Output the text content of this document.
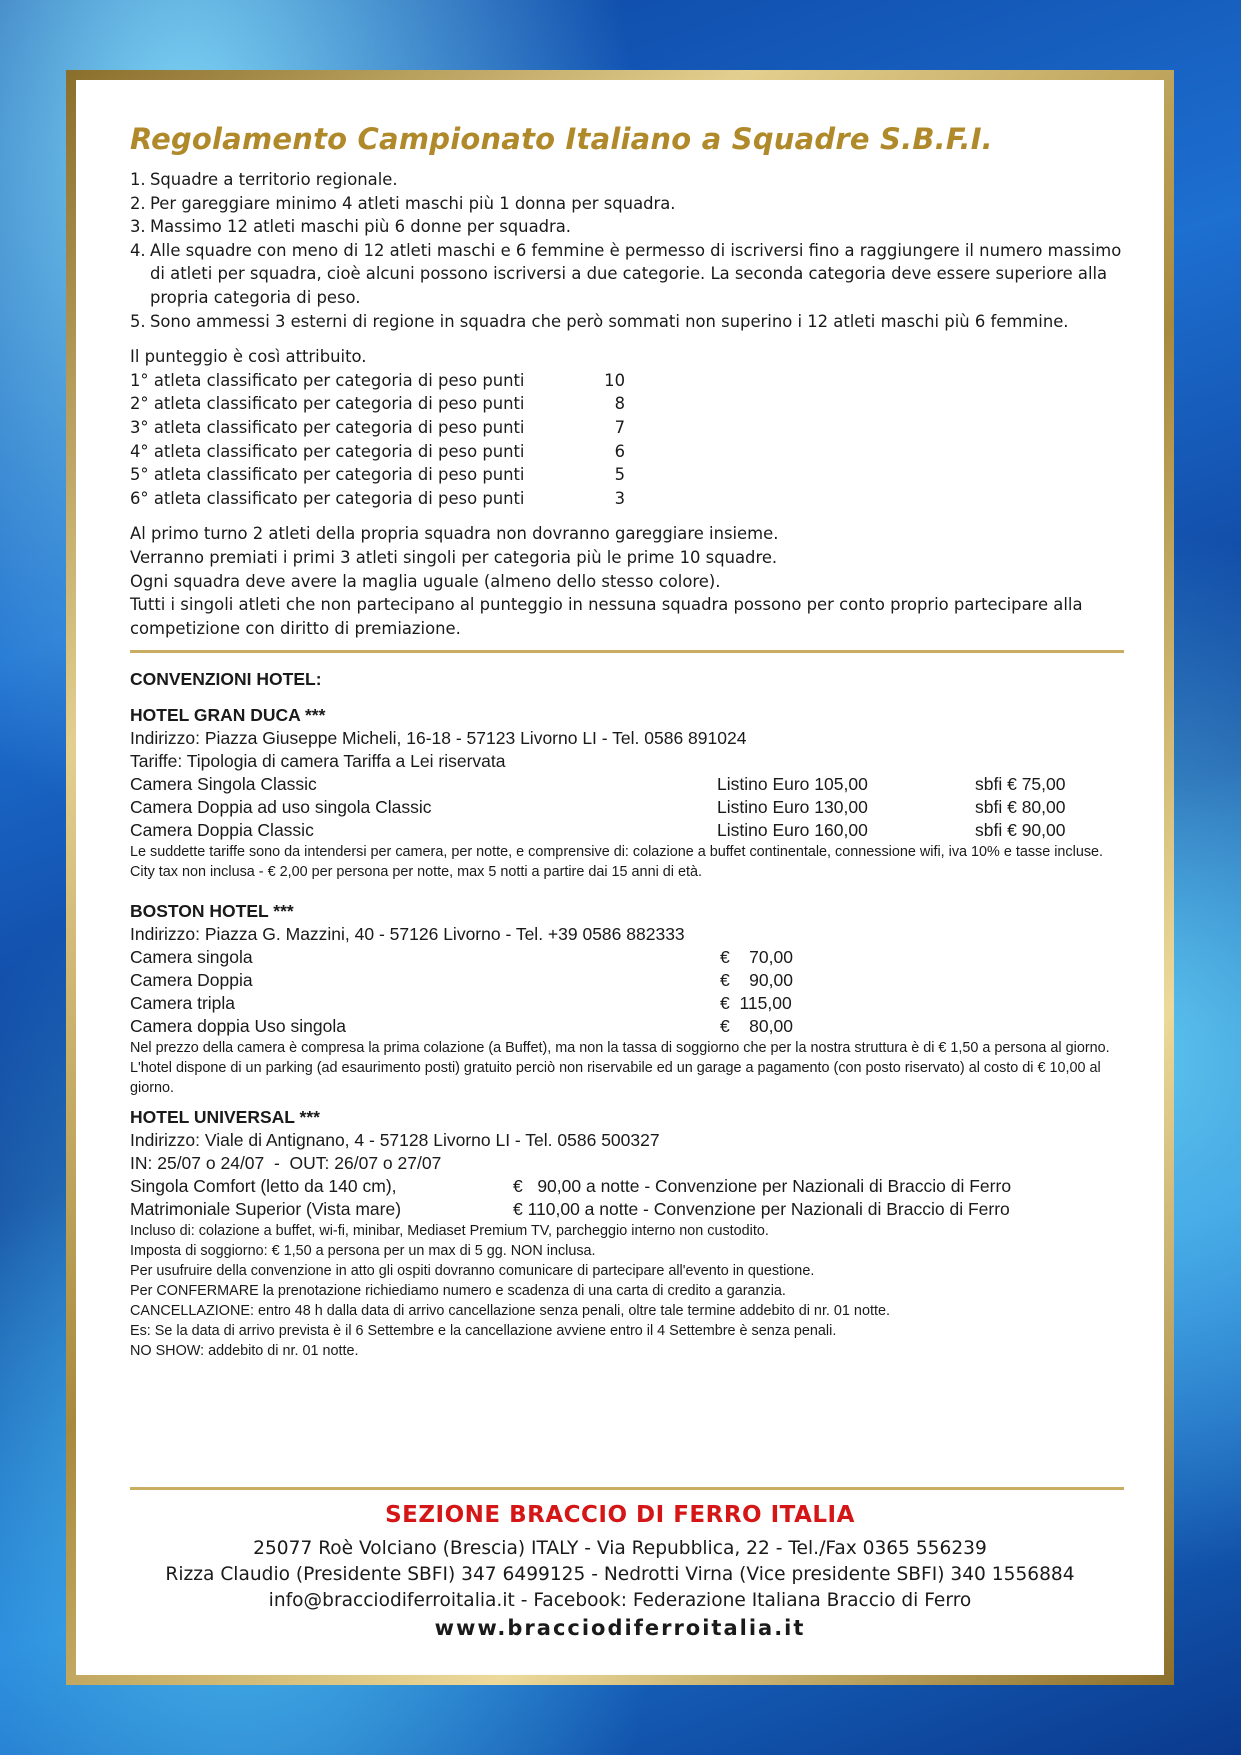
Regolamento Campionato Italiano a Squadre S.B.F.I.
1. Squadre a territorio regionale.
2. Per gareggiare minimo 4 atleti maschi più 1 donna per squadra.
3. Massimo 12 atleti maschi più 6 donne per squadra.
4. Alle squadre con meno di 12 atleti maschi e 6 femmine è permesso di iscriversi fino a raggiungere il numero massimo di atleti per squadra, cioè alcuni possono iscriversi a due categorie. La seconda categoria deve essere superiore alla propria categoria di peso.
5. Sono ammessi 3 esterni di regione in squadra che però sommati non superino i 12 atleti maschi più 6 femmine.
Il punteggio è così attribuito.
1° atleta classificato per categoria di peso punti	10
2° atleta classificato per categoria di peso punti	8
3° atleta classificato per categoria di peso punti	7
4° atleta classificato per categoria di peso punti	6
5° atleta classificato per categoria di peso punti	5
6° atleta classificato per categoria di peso punti	3
Al primo turno 2 atleti della propria squadra non dovranno gareggiare insieme.
Verranno premiati i primi 3 atleti singoli per categoria più le prime 10 squadre.
Ogni squadra deve avere la maglia uguale (almeno dello stesso colore).
Tutti i singoli atleti che non partecipano al punteggio in nessuna squadra possono per conto proprio partecipare alla competizione con diritto di premiazione.
CONVENZIONI HOTEL:
HOTEL GRAN DUCA ***
Indirizzo: Piazza Giuseppe Micheli, 16-18 - 57123 Livorno LI - Tel. 0586 891024
Tariffe: Tipologia di camera Tariffa a Lei riservata
Camera Singola Classic	Listino Euro 105,00	sbfi € 75,00
Camera Doppia ad uso singola Classic	Listino Euro 130,00	sbfi € 80,00
Camera Doppia Classic	Listino Euro 160,00	sbfi € 90,00
Le suddette tariffe sono da intendersi per camera, per notte, e comprensive di: colazione a buffet continentale, connessione wifi, iva 10% e tasse incluse. City tax non inclusa - € 2,00 per persona per notte, max 5 notti a partire dai 15 anni di età.
BOSTON HOTEL ***
Indirizzo: Piazza G. Mazzini, 40 - 57126 Livorno - Tel. +39 0586 882333
Camera singola	€    70,00
Camera Doppia	€    90,00
Camera tripla	€  115,00
Camera doppia Uso singola	€    80,00
Nel prezzo della camera è compresa la prima colazione (a Buffet), ma non la tassa di soggiorno che per la nostra struttura è di € 1,50 a persona al giorno. L'hotel dispone di un parking (ad esaurimento posti) gratuito perciò non riservabile ed un garage a pagamento (con posto riservato) al costo di € 10,00 al giorno.
HOTEL UNIVERSAL ***
Indirizzo: Viale di Antignano, 4 - 57128 Livorno LI - Tel. 0586 500327
IN: 25/07 o 24/07  -  OUT: 26/07 o 27/07
Singola Comfort (letto da 140 cm),	€   90,00 a notte - Convenzione per Nazionali di Braccio di Ferro
Matrimoniale Superior (Vista mare)	€ 110,00 a notte - Convenzione per Nazionali di Braccio di Ferro
Incluso di: colazione a buffet, wi-fi, minibar, Mediaset Premium TV, parcheggio interno non custodito.
Imposta di soggiorno: € 1,50 a persona per un max di 5 gg. NON inclusa.
Per usufruire della convenzione in atto gli ospiti dovranno comunicare di partecipare all'evento in questione.
Per CONFERMARE la prenotazione richiediamo numero e scadenza di una carta di credito a garanzia.
CANCELLAZIONE: entro 48 h dalla data di arrivo cancellazione senza penali, oltre tale termine addebito di nr. 01 notte.
Es: Se la data di arrivo prevista è il 6 Settembre e la cancellazione avviene entro il 4 Settembre è senza penali.
NO SHOW: addebito di nr. 01 notte.
SEZIONE BRACCIO DI FERRO ITALIA
25077 Roè Volciano (Brescia) ITALY - Via Repubblica, 22 - Tel./Fax 0365 556239
Rizza Claudio (Presidente SBFI) 347 6499125 - Nedrotti Virna (Vice presidente SBFI) 340 1556884
info@bracciodiferroitalia.it - Facebook: Federazione Italiana Braccio di Ferro
www.bracciodiferroitalia.it
